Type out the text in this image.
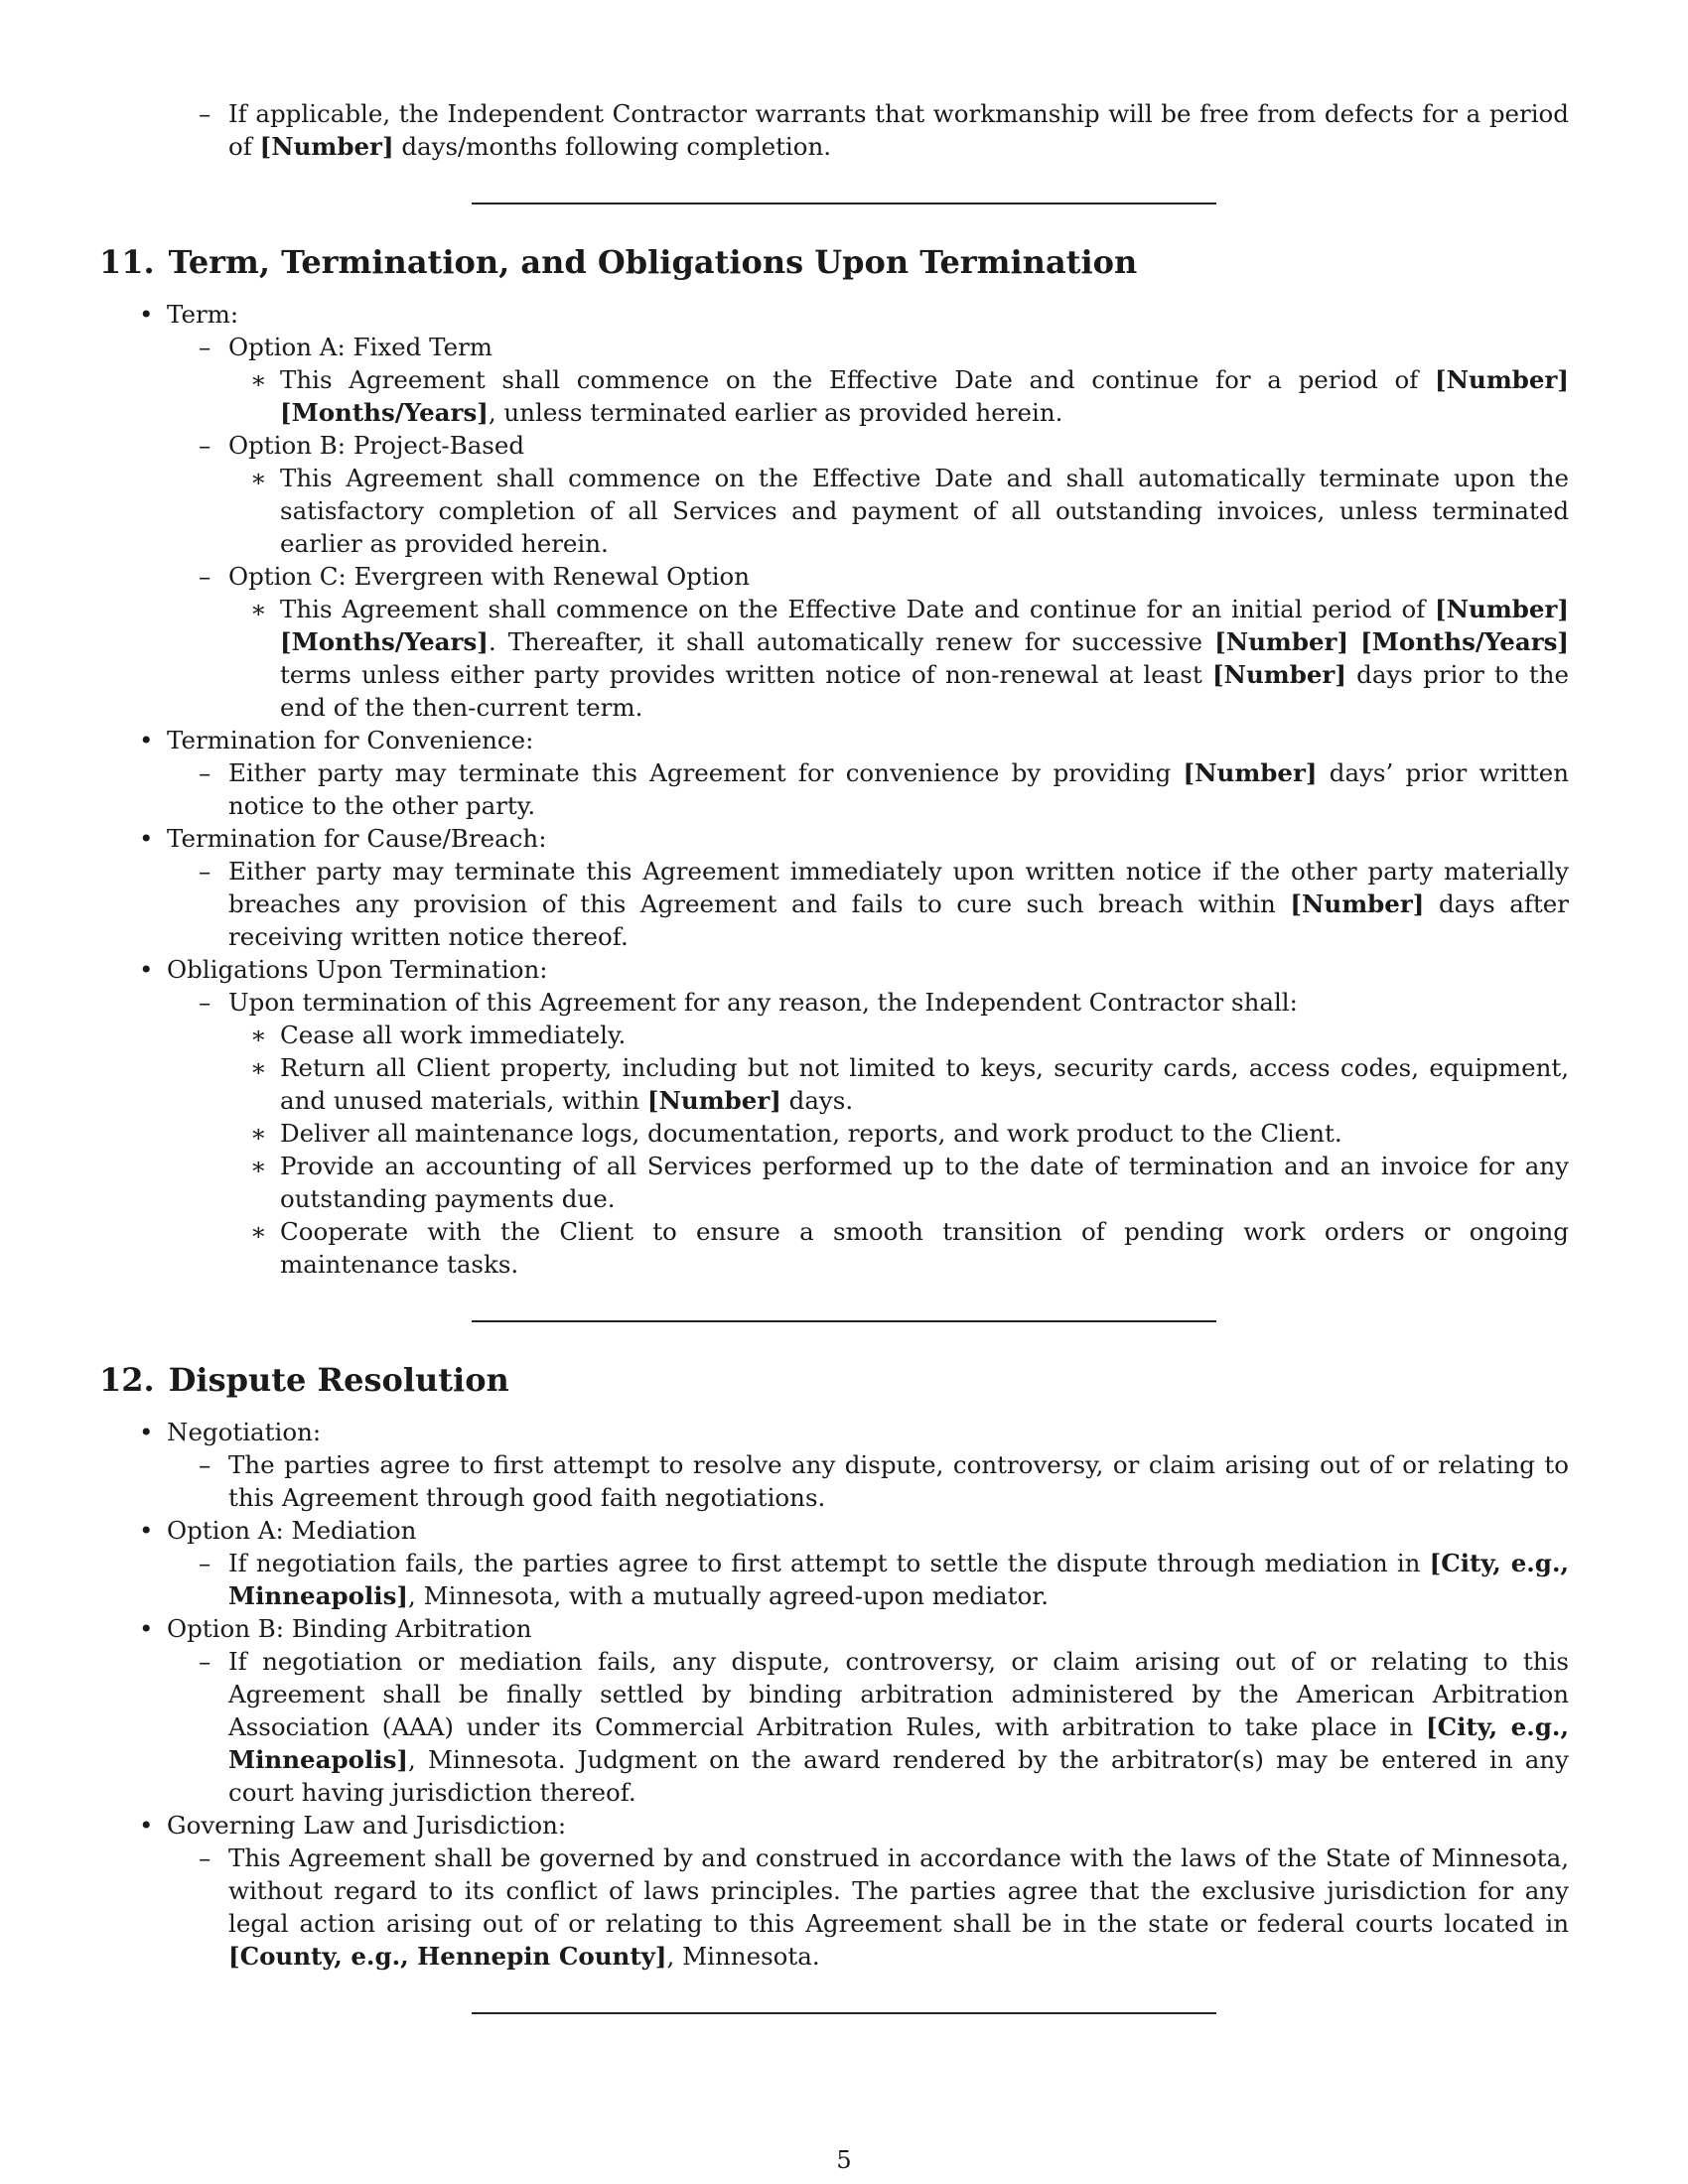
– If applicable, the Independent Contractor warrants that workmanship will be free from defects for a period of [Number] days/months following completion.
11. Term, Termination, and Obligations Upon Termination
• Term:
– Option A: Fixed Term
∗ This Agreement shall commence on the Effective Date and continue for a period of [Number] [Months/Years], unless terminated earlier as provided herein.
– Option B: Project-Based
∗ This Agreement shall commence on the Effective Date and shall automatically terminate upon the satisfactory completion of all Services and payment of all outstanding invoices, unless terminated earlier as provided herein.
– Option C: Evergreen with Renewal Option
∗ This Agreement shall commence on the Effective Date and continue for an initial period of [Number] [Months/Years]. Thereafter, it shall automatically renew for successive [Number] [Months/Years] terms unless either party provides written notice of non-renewal at least [Number] days prior to the end of the then-current term.
• Termination for Convenience:
– Either party may terminate this Agreement for convenience by providing [Number] days’ prior written notice to the other party.
• Termination for Cause/Breach:
– Either party may terminate this Agreement immediately upon written notice if the other party materially breaches any provision of this Agreement and fails to cure such breach within [Number] days after receiving written notice thereof.
• Obligations Upon Termination:
– Upon termination of this Agreement for any reason, the Independent Contractor shall:
∗ Cease all work immediately.
∗ Return all Client property, including but not limited to keys, security cards, access codes, equipment, and unused materials, within [Number] days.
∗ Deliver all maintenance logs, documentation, reports, and work product to the Client.
∗ Provide an accounting of all Services performed up to the date of termination and an invoice for any outstanding payments due.
∗ Cooperate with the Client to ensure a smooth transition of pending work orders or ongoing maintenance tasks.
12. Dispute Resolution
• Negotiation:
– The parties agree to first attempt to resolve any dispute, controversy, or claim arising out of or relating to this Agreement through good faith negotiations.
• Option A: Mediation
– If negotiation fails, the parties agree to first attempt to settle the dispute through mediation in [City, e.g., Minneapolis], Minnesota, with a mutually agreed-upon mediator.
• Option B: Binding Arbitration
– If negotiation or mediation fails, any dispute, controversy, or claim arising out of or relating to this Agreement shall be finally settled by binding arbitration administered by the American Arbitration Association (AAA) under its Commercial Arbitration Rules, with arbitration to take place in [City, e.g., Minneapolis], Minnesota. Judgment on the award rendered by the arbitrator(s) may be entered in any court having jurisdiction thereof.
• Governing Law and Jurisdiction:
– This Agreement shall be governed by and construed in accordance with the laws of the State of Minnesota, without regard to its conflict of laws principles. The parties agree that the exclusive jurisdiction for any legal action arising out of or relating to this Agreement shall be in the state or federal courts located in [County, e.g., Hennepin County], Minnesota.
5
